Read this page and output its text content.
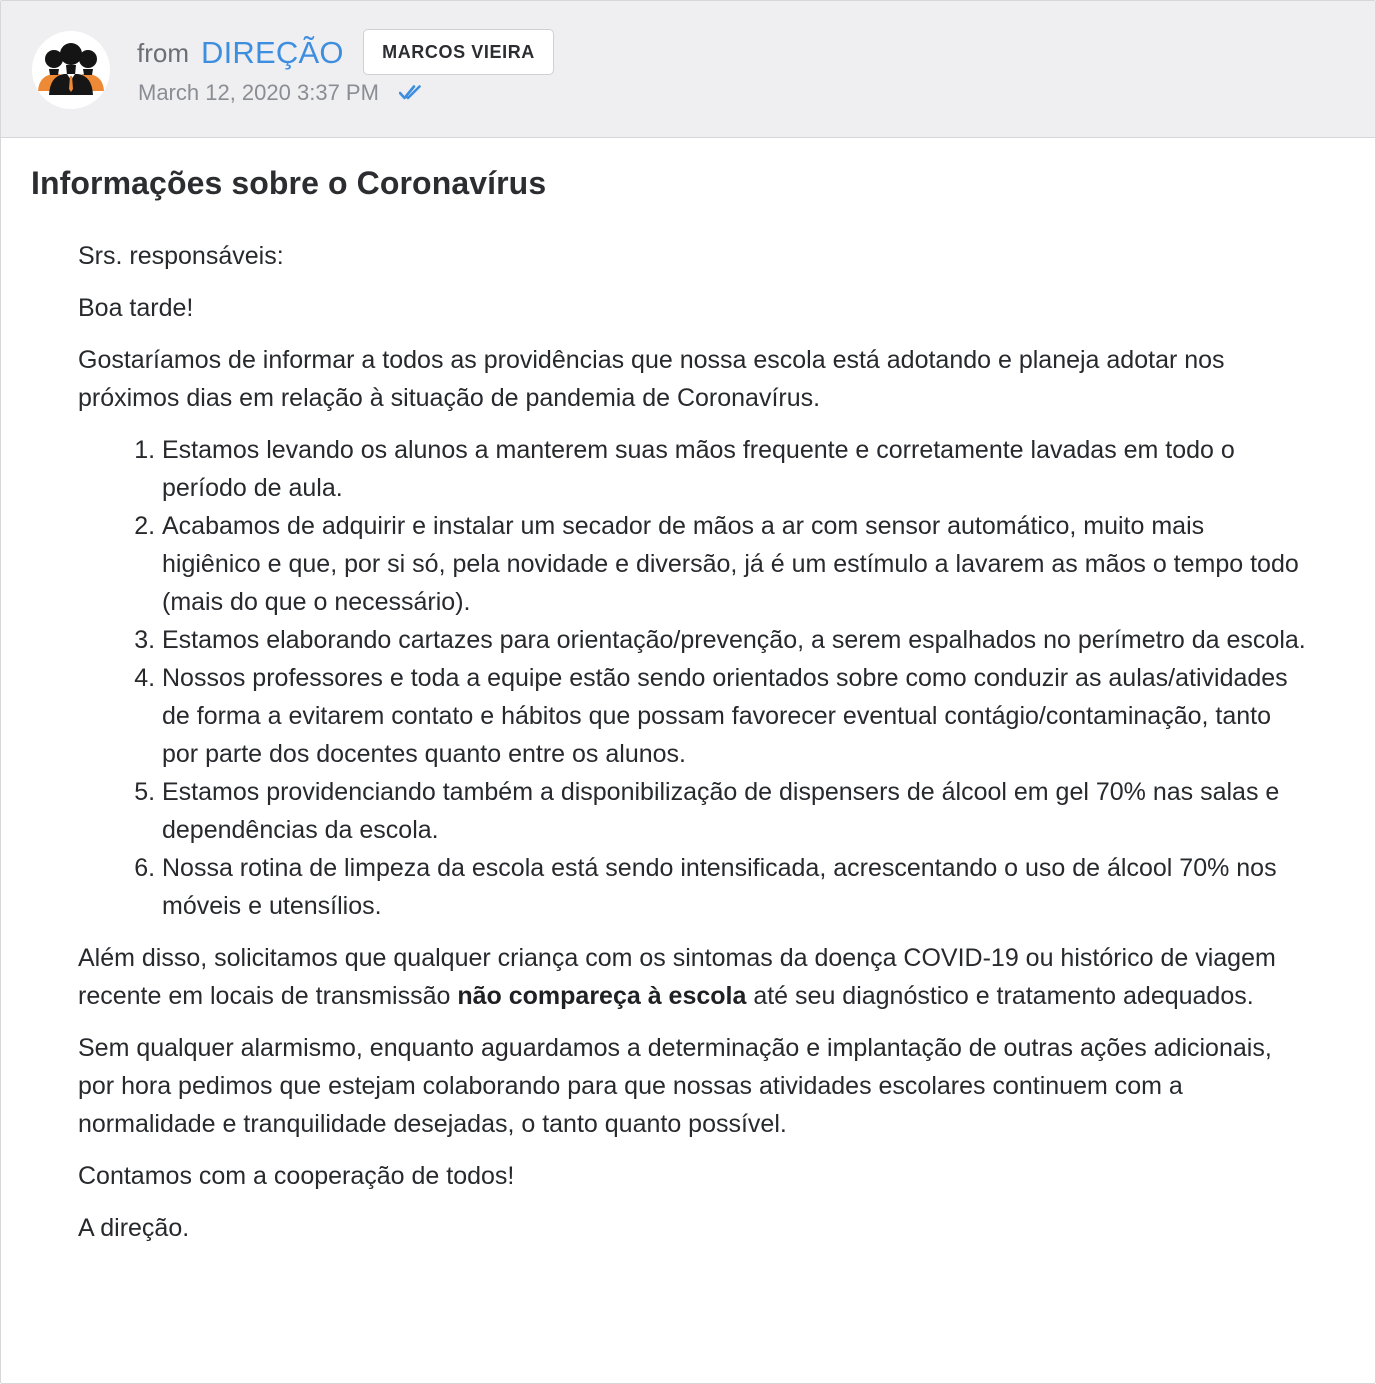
from DIREÇÃO	MARCOS VIEIRA
March 12, 2020 3:37 PM
Informações sobre o Coronavírus

Srs. responsáveis:

Boa tarde!

Gostaríamos de informar a todos as providências que nossa escola está adotando e planeja adotar nos próximos dias em relação à situação de pandemia de Coronavírus.

1. Estamos levando os alunos a manterem suas mãos frequente e corretamente lavadas em todo o período de aula.
2. Acabamos de adquirir e instalar um secador de mãos a ar com sensor automático, muito mais higiênico e que, por si só, pela novidade e diversão, já é um estímulo a lavarem as mãos o tempo todo (mais do que o necessário).
3. Estamos elaborando cartazes para orientação/prevenção, a serem espalhados no perímetro da escola.
4. Nossos professores e toda a equipe estão sendo orientados sobre como conduzir as aulas/atividades de forma a evitarem contato e hábitos que possam favorecer eventual contágio/contaminação, tanto por parte dos docentes quanto entre os alunos.
5. Estamos providenciando também a disponibilização de dispensers de álcool em gel 70% nas salas e dependências da escola.
6. Nossa rotina de limpeza da escola está sendo intensificada, acrescentando o uso de álcool 70% nos móveis e utensílios.

Além disso, solicitamos que qualquer criança com os sintomas da doença COVID-19 ou histórico de viagem recente em locais de transmissão não compareça à escola até seu diagnóstico e tratamento adequados.

Sem qualquer alarmismo, enquanto aguardamos a determinação e implantação de outras ações adicionais, por hora pedimos que estejam colaborando para que nossas atividades escolares continuem com a normalidade e tranquilidade desejadas, o tanto quanto possível.

Contamos com a cooperação de todos!

A direção.
